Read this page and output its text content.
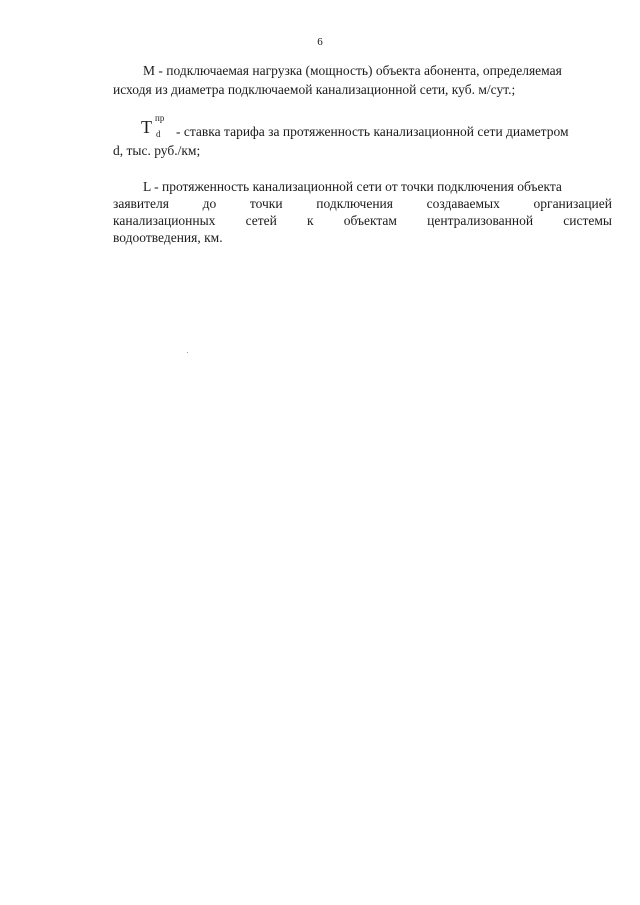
6
М - подключаемая нагрузка (мощность) объекта абонента, определяемая
исходя из диаметра подключаемой канализационной сети, куб. м/сут.;
Т пр
d - ставка тарифа за протяженность канализационной сети диаметром
d, тыс. руб./км;
L - протяженность канализационной сети от точки подключения объекта
заявителя до точки подключения создаваемых организацией
канализационных сетей к объектам централизованной системы
водоотведения, км.
